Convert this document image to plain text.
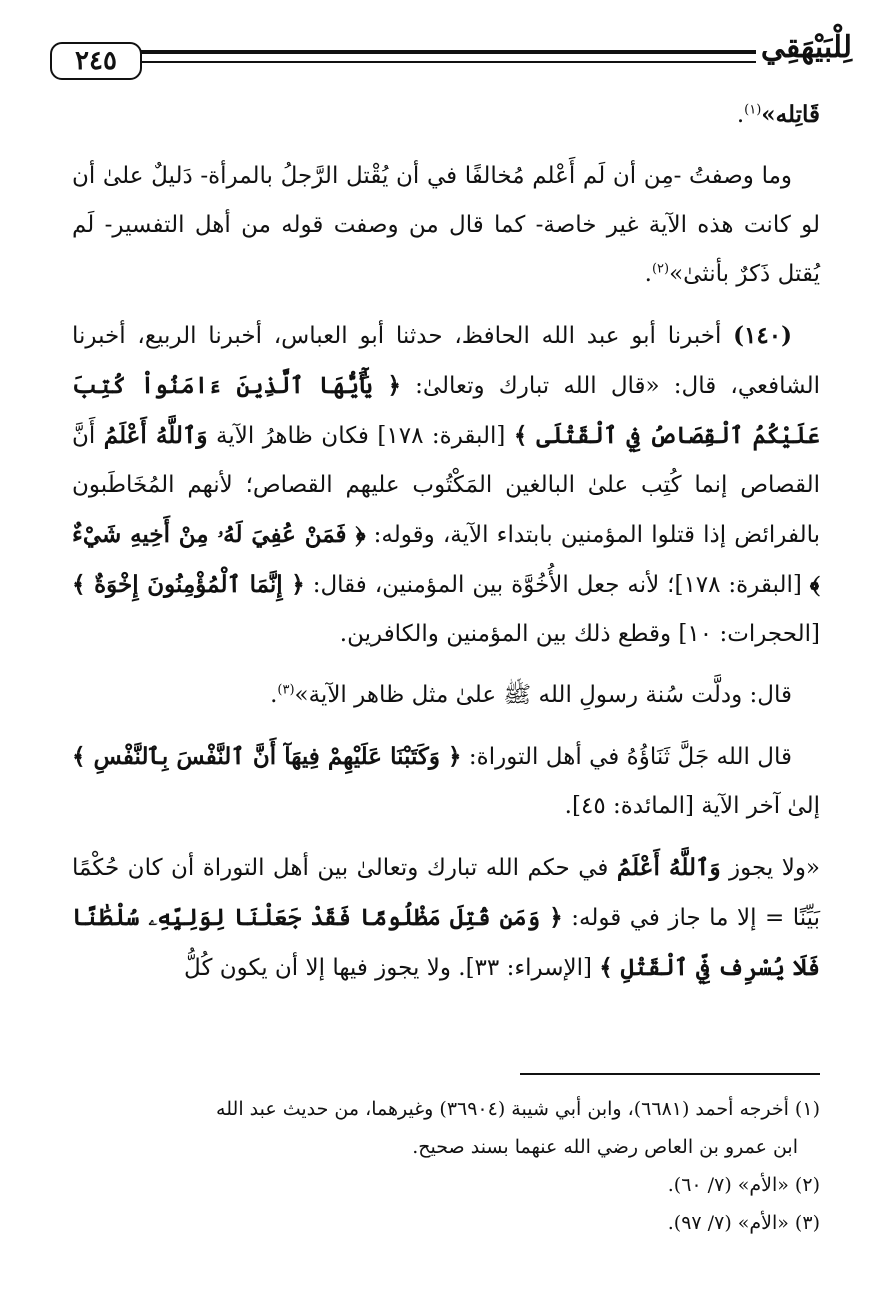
٢٤٥	لِلْبَيْهَقِي

قَاتِله»$^{(١)}$.

وما وصفتُ -مِن أن لَم أَعْلم مُخالفًا في أن يُقْتل الرَّجلُ بالمرأة- دَليلٌ علىٰ أن لو كانت هذه الآية غير خاصة- كما قال من وصفت قوله من أهل التفسير- لَم يُقتل ذَكرٌ بأنثىٰ»$^{(٢)}$.

(١٤٠) أخبرنا أبو عبد الله الحافظ، حدثنا أبو العباس، أخبرنا الربيع، أخبرنا الشافعي، قال: «قال الله تبارك وتعالىٰ: ﴿ يَٰٓأَيُّهَا ٱلَّذِينَ ءَامَنُواْ كُتِبَ عَلَيْكُمُ ٱلْقِصَاصُ فِي ٱلْقَتْلَى ﴾ [البقرة: ١٧٨] فكان ظاهرُ الآية وَٱللَّهُ أَعْلَمُ أَنَّ القصاص إنما كُتِب علىٰ البالغين المَكْتُوب عليهم القصاص؛ لأنهم المُخَاطَبون بالفرائض إذا قتلوا المؤمنين بابتداء الآية، وقوله: ﴿ فَمَنْ عُفِيَ لَهُۥ مِنْ أَخِيهِ شَيْءٌ ﴾ [البقرة: ١٧٨]؛ لأنه جعل الأُخُوَّة بين المؤمنين، فقال: ﴿ إِنَّمَا ٱلْمُؤْمِنُونَ إِخْوَةٌ ﴾ [الحجرات: ١٠] وقطع ذلك بين المؤمنين والكافرين.

قال: ودلَّت سُنة رسولِ الله ﷺ علىٰ مثل ظاهر الآية»$^{(٣)}$.

قال الله جَلَّ ثَنَاؤُهُ في أهل التوراة: ﴿ وَكَتَبْنَا عَلَيْهِمْ فِيهَآ أَنَّ ٱلنَّفْسَ بِٱلنَّفْسِ ﴾ إلىٰ آخر الآية [المائدة: ٤٥].

«ولا يجوز وَٱللَّهُ أَعْلَمُ في حكم الله تبارك وتعالىٰ بين أهل التوراة أن كان حُكْمًا بَيِّنًا = إلا ما جاز في قوله: ﴿ وَمَن قُتِلَ مَظْلُومًا فَقَدْ جَعَلْنَا لِوَلِيِّهِۦ سُلْطَٰنًا فَلَا يُسْرِف فِّي ٱلْقَتْلِ ﴾ [الإسراء: ٣٣]. ولا يجوز فيها إلا أن يكون كُلُّ

(١) أخرجه أحمد (٦٦٨١)، وابن أبي شيبة (٣٦٩٠٤) وغيرهما، من حديث عبد الله
ابن عمرو بن العاص رضي الله عنهما بسند صحيح.
(٢) «الأم» (٧/ ٦٠).
(٣) «الأم» (٧/ ٩٧).
